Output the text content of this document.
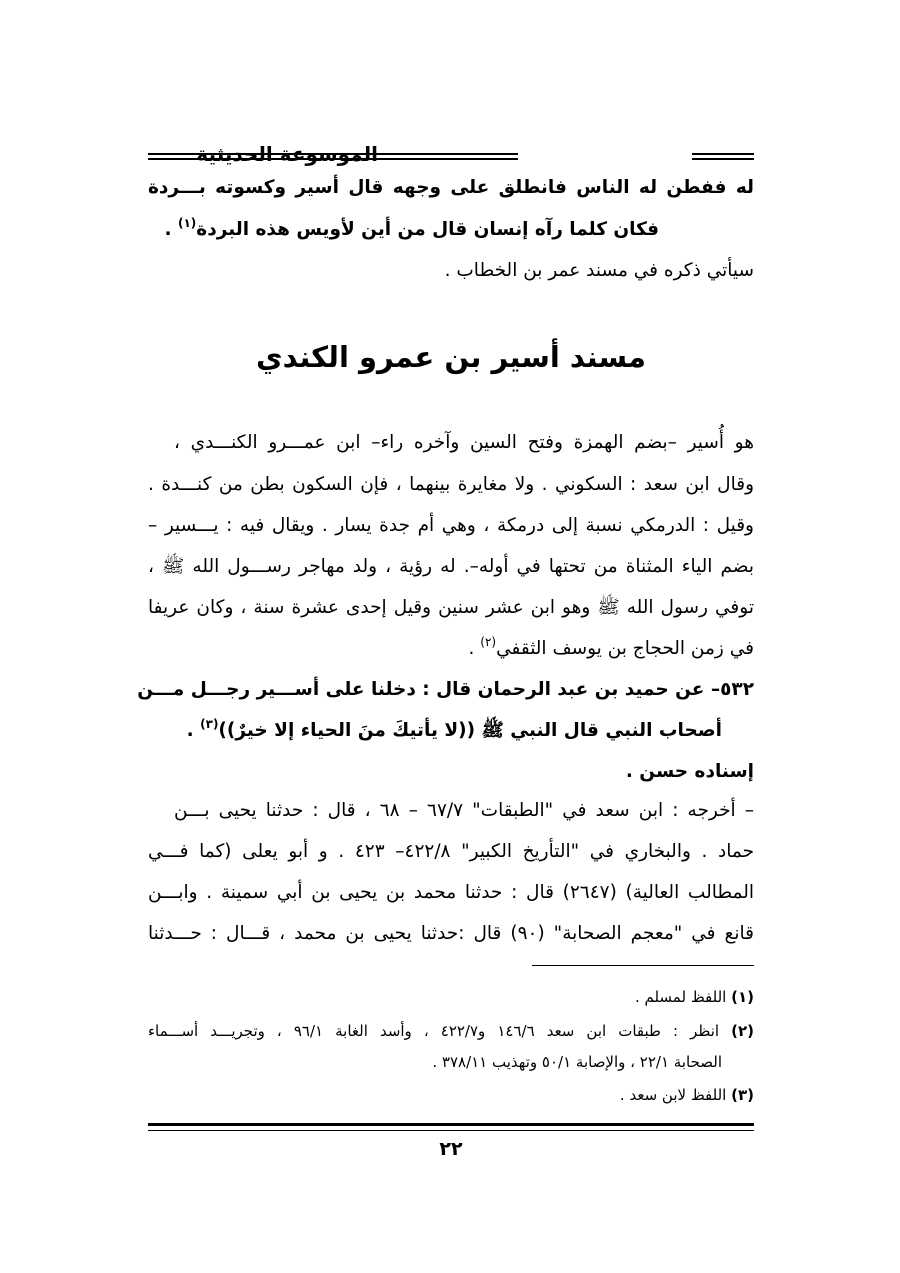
الموسوعة الحديثية
له ففطن له الناس فانطلق على وجهه قال أسير وكسوته بـــردة
فكان كلما رآه إنسان قال من أين لأويس هذه البردة$^{(١)}$ .
سيأتي ذكره في مسند عمر بن الخطاب .
مسند أسير بن عمرو الكندي
هو أُسير –بضم الهمزة وفتح السين وآخره راء– ابن عمـــرو الكنـــدي ،
وقال ابن سعد : السكوني . ولا مغايرة بينهما ، فإن السكون بطن من كنـــدة .
وقيل : الدرمكي نسبة إلى درمكة ، وهي أم جدة يسار . ويقال فيه : يـــسير –
بضم الياء المثناة من تحتها في أوله–. له رؤية ، ولد مهاجر رســـول الله ﷺ ،
توفي رسول الله ﷺ وهو ابن عشر سنين وقيل إحدى عشرة سنة ، وكان عريفا
في زمن الحجاج بن يوسف الثقفي$^{(٢)}$ .
٥٣٢– عن حميد بن عبد الرحمان قال : دخلنا على أســـير رجـــل مـــن
أصحاب النبي قال النبي ﷺ ((لا يأتيكَ منَ الحياء إلا خيرٌ))$^{(٣)}$ .
إسناده حسن .
– أخرجه : ابن سعد في "الطبقات" ٦٧/٧ – ٦٨ ، قال : حدثنا يحيى بـــن
حماد . والبخاري في "التأريخ الكبير" ٤٢٢/٨– ٤٢٣ . و أبو يعلى (كما فـــي
المطالب العالية) (٢٦٤٧) قال : حدثنا محمد بن يحيى بن أبي سمينة . وابـــن
قانع في "معجم الصحابة" (٩٠) قال :حدثنا يحيى بن محمد ، قـــال : حـــدثنا
(١) اللفظ لمسلم .
(٢) انظر : طبقات ابن سعد ١٤٦/٦ و٤٢٢/٧ ، وأسد الغابة ٩٦/١ ، وتجريـــد أســـماء
الصحابة ٢٢/١ ، والإصابة ٥٠/١ وتهذيب ٣٧٨/١١ .
(٣) اللفظ لابن سعد .
٢٢
